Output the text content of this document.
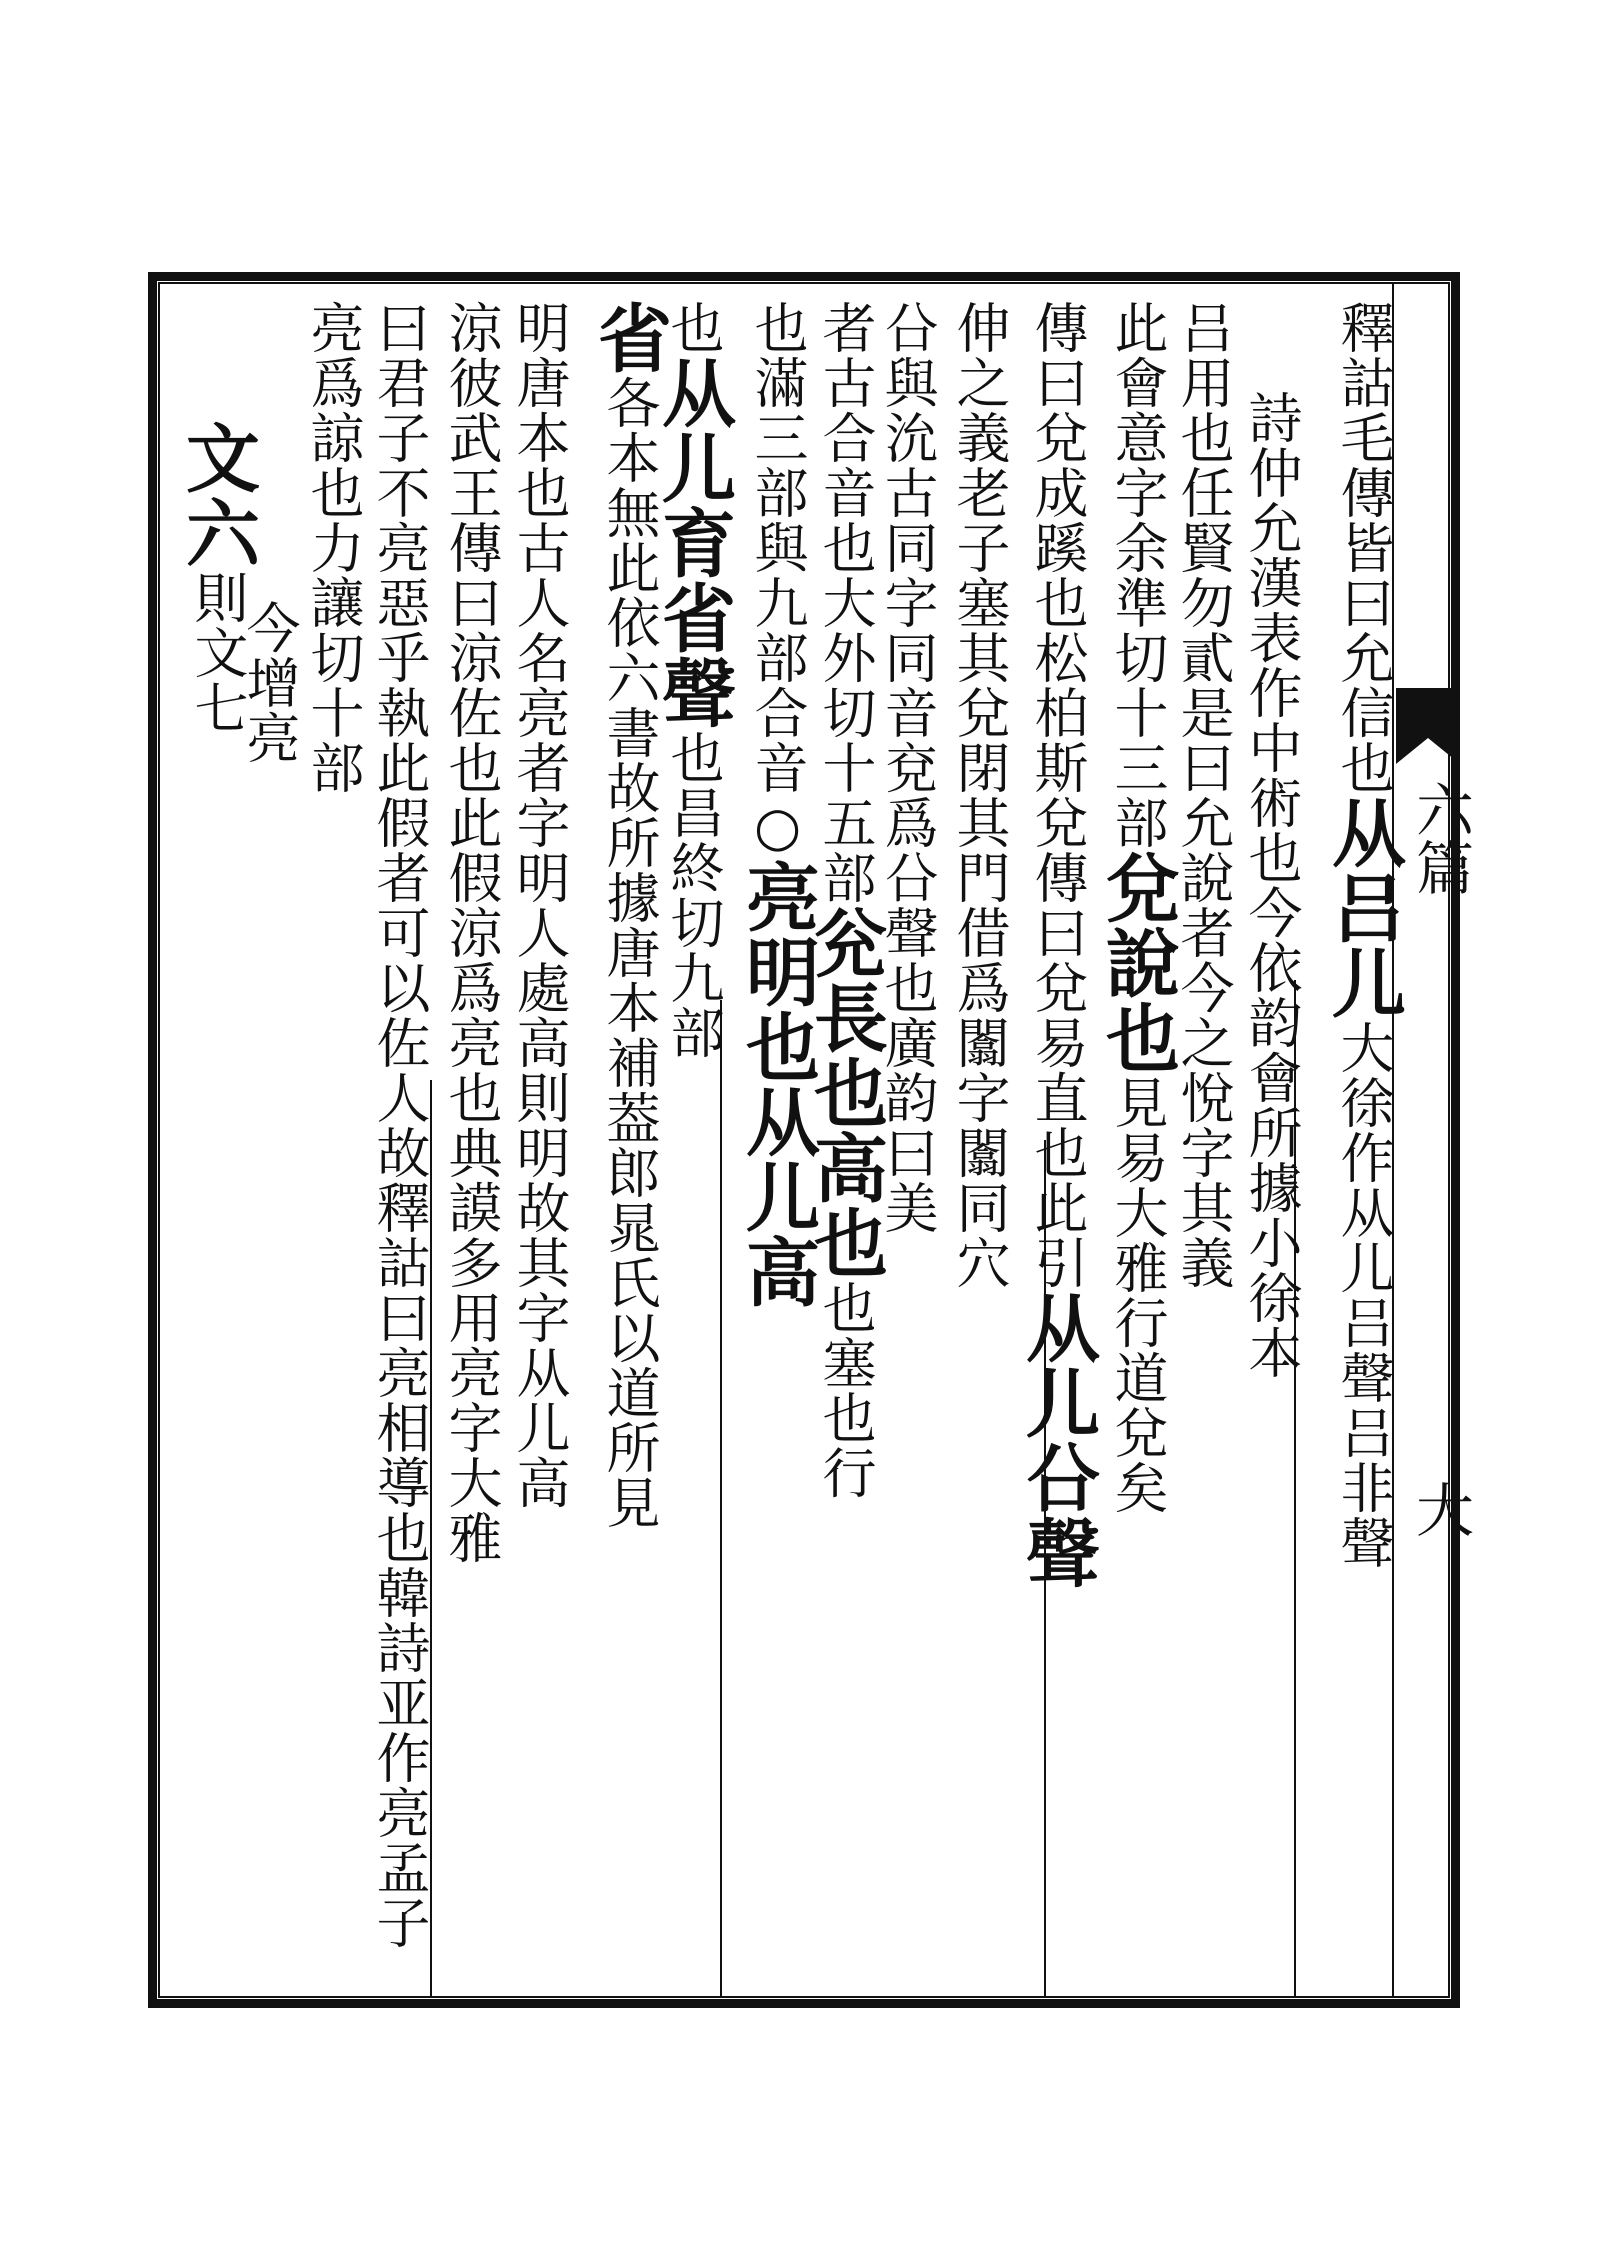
六篇
大
釋詁毛傳皆曰允信也从吕儿大徐作从儿吕聲吕非聲
詩仲允漢表作中術也今依韵會所據小徐本
吕用也任賢勿貳是曰允說者今之悅字其義
此會意字余準切十三部兌說也見易大雅行道兌矣
傳曰兌成蹊也松柏斯兌傳曰兌易直也此引从儿㕣聲
伸之義老子塞其兌閉其門借爲闟字闟同穴
㕣與沇古同字同音兗爲㕣聲也廣韵曰美
者古合音也大外切十五部兊長也高也也塞也行
也滿三部與九部合音○亮明也从儿高
也从儿育省聲也昌終切九部
省各本無此依六書故所據唐本補葢郎晁氏以道所見
明唐本也古人名亮者字明人處高則明故其字从儿高
涼彼武王傳曰涼佐也此假涼爲亮也典謨多用亮字大雅
曰君子不亮惡乎執此假者可以佐人故釋詁曰亮相導也韓詩亚作亮孟子
亮爲諒也力讓切十部
今增亮
文六則文七
